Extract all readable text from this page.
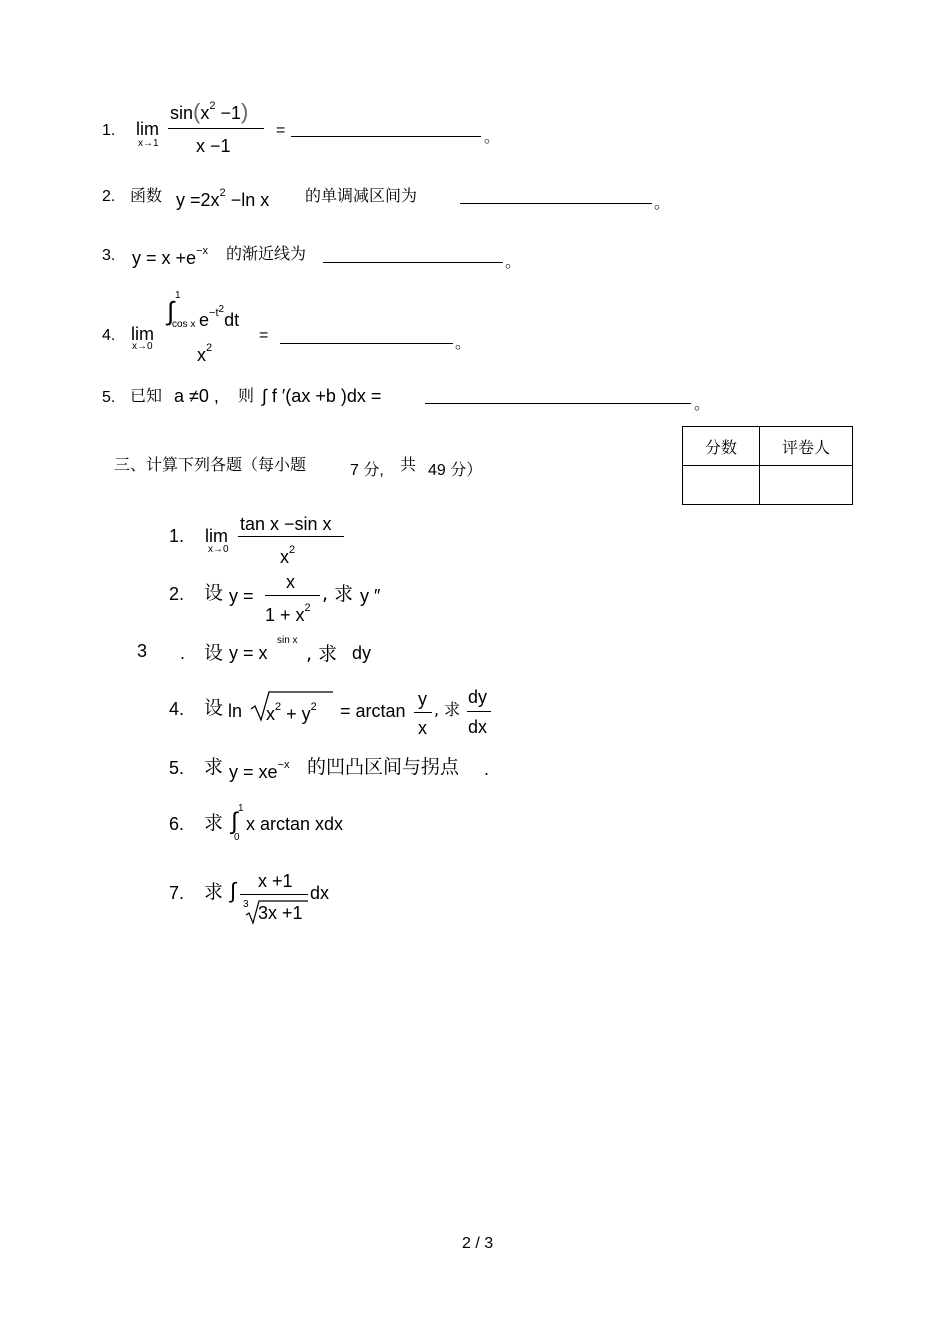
1. lim
x→1
$\sin(x^2 -1)$
x −1
=	。
2. 函数 $y =2x^2 -\ln$ x 的单调减区间为	。
3. $y = x +e^{-x}$ 的渐近线为	。
4. lim
x→0
1
∫
cos x $e^{-t2}dt$
$x^2$
=	。
5. 已知 a ≠0 , 则 ∫ f ′(ax +b )dx =	。
三、计算下列各题（每小题	7 分, 共 49 分）
分数	评卷人

1. lim
x→0
tan x −sin x
$x^2$
2. 设 y =
x
$1 + x^2$
, 求 y ″
3 . 设 y = x
sin x
, 求 dy
4. 设 $\ln x^2 + y^2 = \arctan$
y
x
, 求
dy
dx
5. 求 $y = xe^{-x}$ 的凹凸区间与拐点 .
6. 求
1
∫
0
x arctan xdx
7. 求 ∫ x +1
3 3x +1
dx
2 / 3
